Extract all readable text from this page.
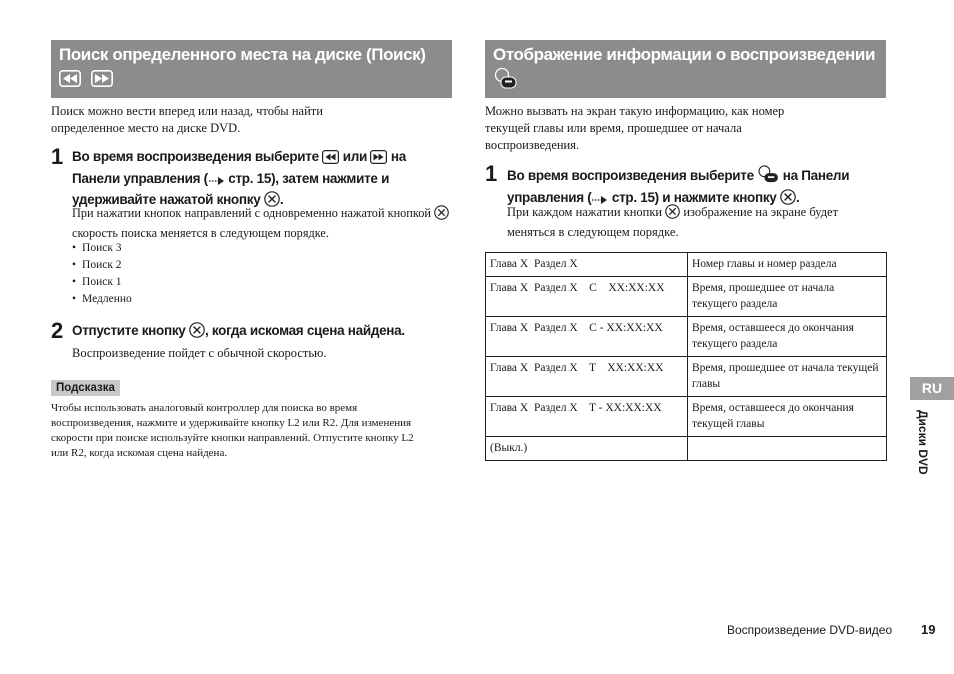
Поиск определенного места на диске (Поиск)

Поиск можно вести вперед или назад, чтобы найти определенное место на диске DVD.
1 Во время воспроизведения выберите или на Панели управления ( стр. 15), затем нажмите и удерживайте нажатой кнопку .
При нажатии кнопок направлений с одновременно нажатой кнопкой  скорость поиска меняется в следующем порядке.
• Поиск 3
• Поиск 2
• Поиск 1
• Медленно
2 Отпустите кнопку , когда искомая сцена найдена.
Воспроизведение пойдет с обычной скоростью.
Подсказка
Чтобы использовать аналоговый контроллер для поиска во время воспроизведения, нажмите и удерживайте кнопку L2 или R2. Для изменения скорости при поиске используйте кнопки направлений. Отпустите кнопку L2 или R2, когда искомая сцена найдена.
Отображение информации о воспроизведении
Можно вызвать на экран такую информацию, как номер текущей главы или время, прошедшее от начала воспроизведения.
1 Во время воспроизведения выберите на Панели управления ( стр. 15) и нажмите кнопку .
При каждом нажатии кнопки изображение на экране будет меняться в следующем порядке.
Глава X  Раздел X	Номер главы и номер раздела
Глава X  Раздел X    C    XX:XX:XX	Время, прошедшее от начала текущего раздела
Глава X  Раздел X    C - XX:XX:XX	Время, оставшееся до окончания текущего раздела
Глава X  Раздел X    T    XX:XX:XX	Время, прошедшее от начала текущей главы
Глава X  Раздел X    T - XX:XX:XX	Время, оставшееся до окончания текущей главы
(Выкл.)	
RU
Диски DVD
Воспроизведение DVD-видео 19
